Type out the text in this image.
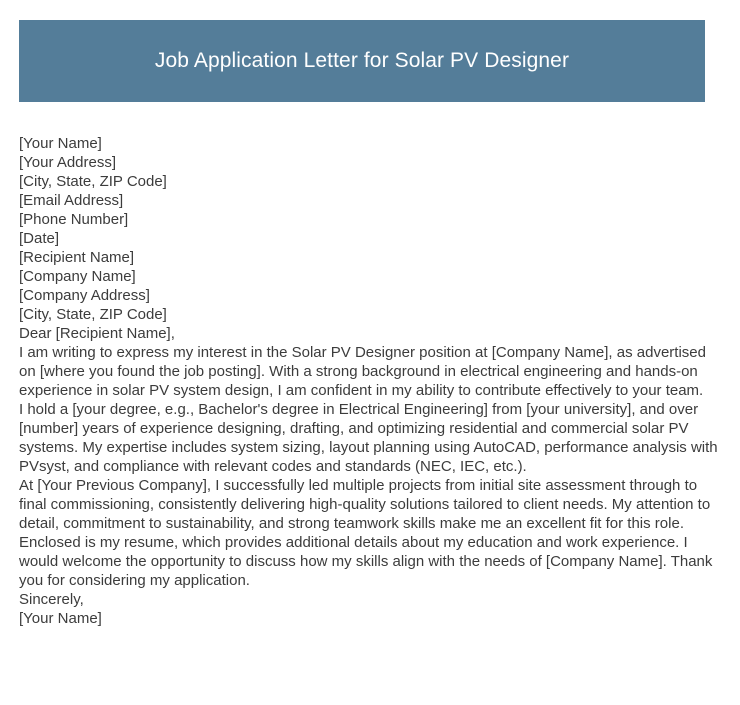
Job Application Letter for Solar PV Designer
[Your Name]
[Your Address]
[City, State, ZIP Code]
[Email Address]
[Phone Number]
[Date]
[Recipient Name]
[Company Name]
[Company Address]
[City, State, ZIP Code]
Dear [Recipient Name],

I am writing to express my interest in the Solar PV Designer position at [Company Name], as advertised on [where you found the job posting]. With a strong background in electrical engineering and hands-on experience in solar PV system design, I am confident in my ability to contribute effectively to your team.

I hold a [your degree, e.g., Bachelor's degree in Electrical Engineering] from [your university], and over [number] years of experience designing, drafting, and optimizing residential and commercial solar PV systems. My expertise includes system sizing, layout planning using AutoCAD, performance analysis with PVsyst, and compliance with relevant codes and standards (NEC, IEC, etc.).

At [Your Previous Company], I successfully led multiple projects from initial site assessment through to final commissioning, consistently delivering high-quality solutions tailored to client needs. My attention to detail, commitment to sustainability, and strong teamwork skills make me an excellent fit for this role.

Enclosed is my resume, which provides additional details about my education and work experience. I would welcome the opportunity to discuss how my skills align with the needs of [Company Name]. Thank you for considering my application.

Sincerely,
[Your Name]
